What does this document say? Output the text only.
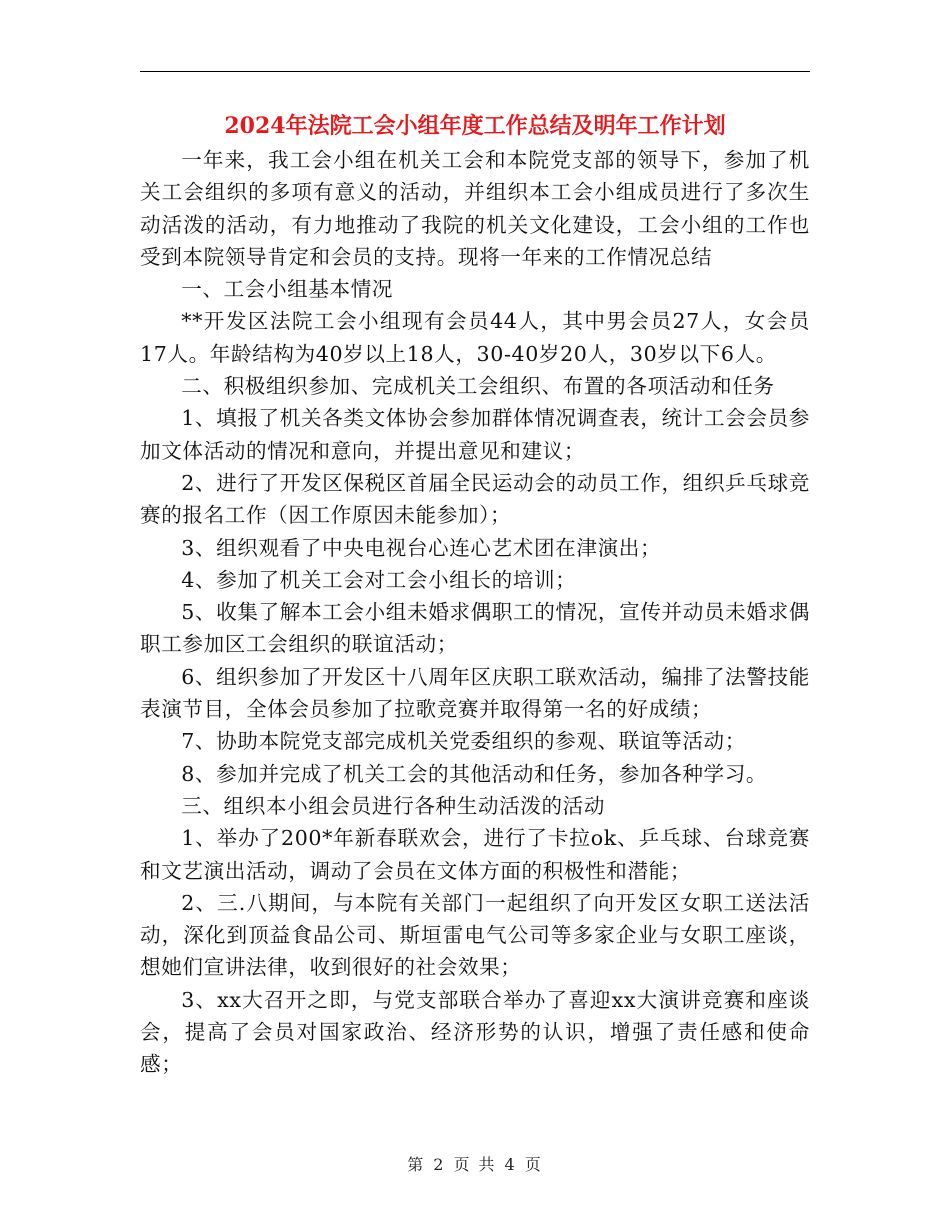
2024年法院工会小组年度工作总结及明年工作计划

一年来，我工会小组在机关工会和本院党支部的领导下，参加了机关工会组织的多项有意义的活动，并组织本工会小组成员进行了多次生动活泼的活动，有力地推动了我院的机关文化建设，工会小组的工作也受到本院领导肯定和会员的支持。现将一年来的工作情况总结

一、工会小组基本情况

**开发区法院工会小组现有会员44人，其中男会员27人，女会员17人。年龄结构为40岁以上18人，30-40岁20人，30岁以下6人。

二、积极组织参加、完成机关工会组织、布置的各项活动和任务

1、填报了机关各类文体协会参加群体情况调查表，统计工会会员参加文体活动的情况和意向，并提出意见和建议；

2、进行了开发区保税区首届全民运动会的动员工作，组织乒乓球竞赛的报名工作（因工作原因未能参加）；

3、组织观看了中央电视台心连心艺术团在津演出；

4、参加了机关工会对工会小组长的培训；

5、收集了解本工会小组未婚求偶职工的情况，宣传并动员未婚求偶职工参加区工会组织的联谊活动；

6、组织参加了开发区十八周年区庆职工联欢活动，编排了法警技能表演节目，全体会员参加了拉歌竞赛并取得第一名的好成绩；

7、协助本院党支部完成机关党委组织的参观、联谊等活动；

8、参加并完成了机关工会的其他活动和任务，参加各种学习。

三、组织本小组会员进行各种生动活泼的活动

1、举办了200*年新春联欢会，进行了卡拉ok、乒乓球、台球竞赛和文艺演出活动，调动了会员在文体方面的积极性和潜能；

2、三.八期间，与本院有关部门一起组织了向开发区女职工送法活动，深化到顶益食品公司、斯垣雷电气公司等多家企业与女职工座谈，想她们宣讲法律，收到很好的社会效果；

3、xx大召开之即，与党支部联合举办了喜迎xx大演讲竞赛和座谈会，提高了会员对国家政治、经济形势的认识，增强了责任感和使命感；

第 2 页 共 4 页
